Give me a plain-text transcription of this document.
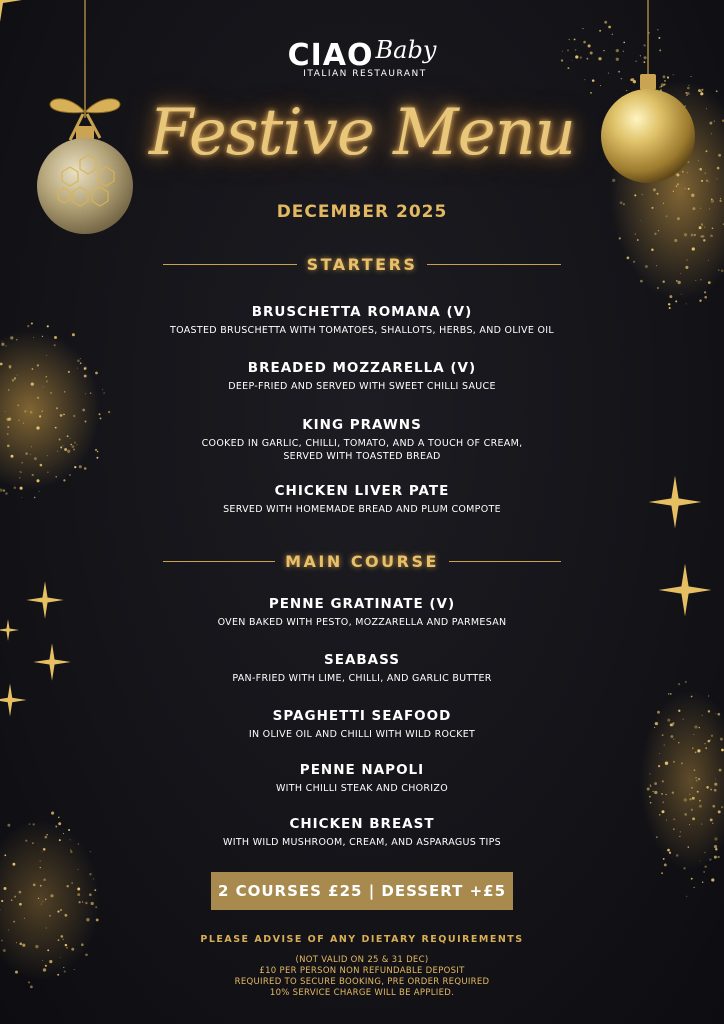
CIAO Baby
ITALIAN RESTAURANT
Festive Menu
DECEMBER 2025
STARTERS
BRUSCHETTA ROMANA (V)
TOASTED BRUSCHETTA WITH TOMATOES, SHALLOTS, HERBS, AND OLIVE OIL
BREADED MOZZARELLA (V)
DEEP-FRIED AND SERVED WITH SWEET CHILLI SAUCE
KING PRAWNS
COOKED IN GARLIC, CHILLI, TOMATO, AND A TOUCH OF CREAM,
SERVED WITH TOASTED BREAD
CHICKEN LIVER PATE
SERVED WITH HOMEMADE BREAD AND PLUM COMPOTE
MAIN COURSE
PENNE GRATINATE (V)
OVEN BAKED WITH PESTO, MOZZARELLA AND PARMESAN
SEABASS
PAN-FRIED WITH LIME, CHILLI, AND GARLIC BUTTER
SPAGHETTI SEAFOOD
IN OLIVE OIL AND CHILLI WITH WILD ROCKET
PENNE NAPOLI
WITH CHILLI STEAK AND CHORIZO
CHICKEN BREAST
WITH WILD MUSHROOM, CREAM, AND ASPARAGUS TIPS
2 COURSES £25 | DESSERT +£5
PLEASE ADVISE OF ANY DIETARY REQUIREMENTS
(NOT VALID ON 25 & 31 DEC)
£10 PER PERSON NON REFUNDABLE DEPOSIT
REQUIRED TO SECURE BOOKING, PRE ORDER REQUIRED
10% SERVICE CHARGE WILL BE APPLIED.
